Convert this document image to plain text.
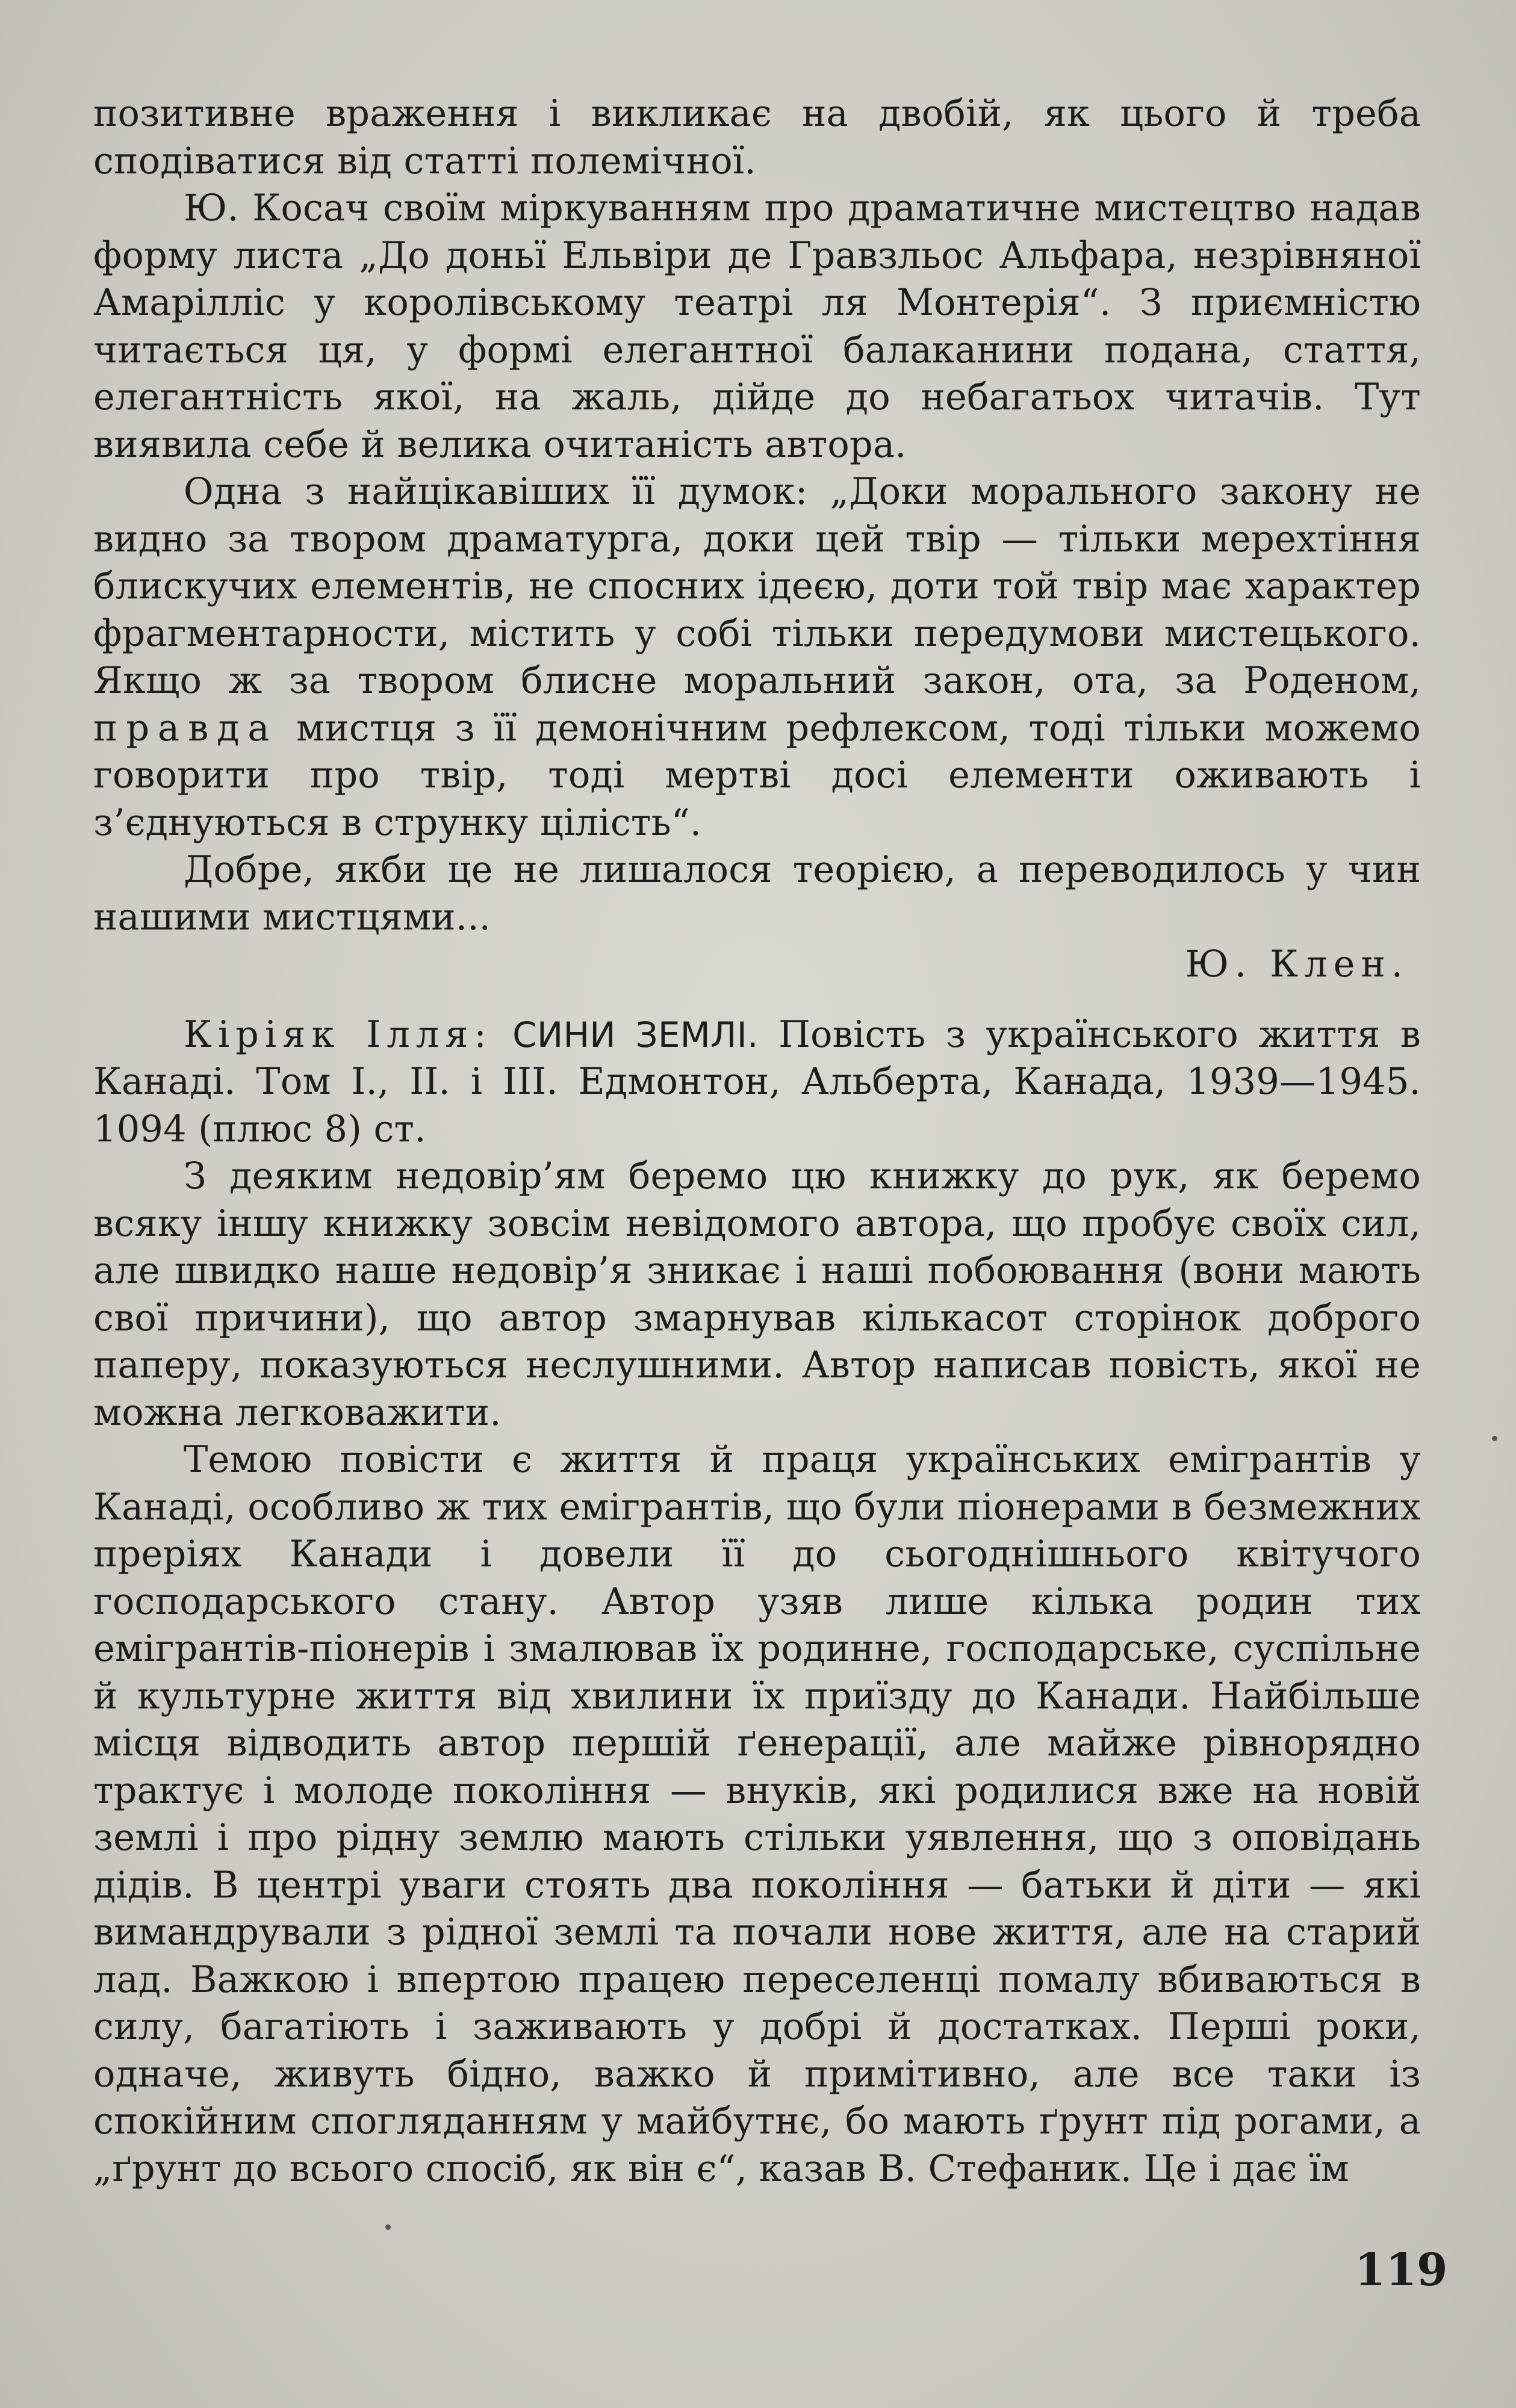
позитивне враження і викликає на двобій, як цього й треба сподіватися від статті полемічної.

Ю. Косач своїм міркуванням про драматичне мистецтво надав форму листа „До доньї Ельвіри де Гравзльос Альфара, незрівняної Амарілліс у королівському театрі ля Монтерія“. З приємністю читається ця, у формі елегантної балаканини подана, стаття, елегантність якої, на жаль, дійде до небагатьох читачів. Тут виявила себе й велика очитаність автора.

Одна з найцікавіших її думок: „Доки морального закону не видно за твором драматурга, доки цей твір — тільки мерехтіння блискучих елементів, не спосних ідеєю, доти той твір має характер фрагментарности, містить у собі тільки передумови мистецького. Якщо ж за твором блисне моральний закон, ота, за Роденом, правда мистця з її демонічним рефлексом, тоді тільки можемо говорити про твір, тоді мертві досі елементи оживають і з’єднуються в струнку цілість“.

Добре, якби це не лишалося теорією, а переводилось у чин нашими мистцями...

Ю. Клен.

Кіріяк Ілля: СИНИ ЗЕМЛІ. Повість з українського життя в Канаді. Том І., ІІ. і ІІІ. Едмонтон, Альберта, Канада, 1939—1945. 1094 (плюс 8) ст.

З деяким недовір’ям беремо цю книжку до рук, як беремо всяку іншу книжку зовсім невідомого автора, що пробує своїх сил, але швидко наше недовір’я зникає і наші побоювання (вони мають свої причини), що автор змарнував кількасот сторінок доброго паперу, показуються неслушними. Автор написав повість, якої не можна легковажити.

Темою повісти є життя й праця українських емігрантів у Канаді, особливо ж тих емігрантів, що були піонерами в безмежних преріях Канади і довели її до сьогоднішнього квітучого господарського стану. Автор узяв лише кілька родин тих емігрантів-піонерів і змалював їх родинне, господарське, суспільне й культурне життя від хвилини їх приїзду до Канади. Найбільше місця відводить автор першій ґенерації, але майже рівнорядно трактує і молоде покоління — внуків, які родилися вже на новій землі і про рідну землю мають стільки уявлення, що з оповідань дідів. В центрі уваги стоять два покоління — батьки й діти — які вимандрували з рідної землі та почали нове життя, але на старий лад. Важкою і впертою працею переселенці помалу вбиваються в силу, багатіють і заживають у добрі й достатках. Перші роки, одначе, живуть бідно, важко й примітивно, але все таки із спокійним спогляданням у майбутнє, бо мають ґрунт під рогами, а „ґрунт до всього спосіб, як він є“, казав В. Стефаник. Це і дає їм

119
